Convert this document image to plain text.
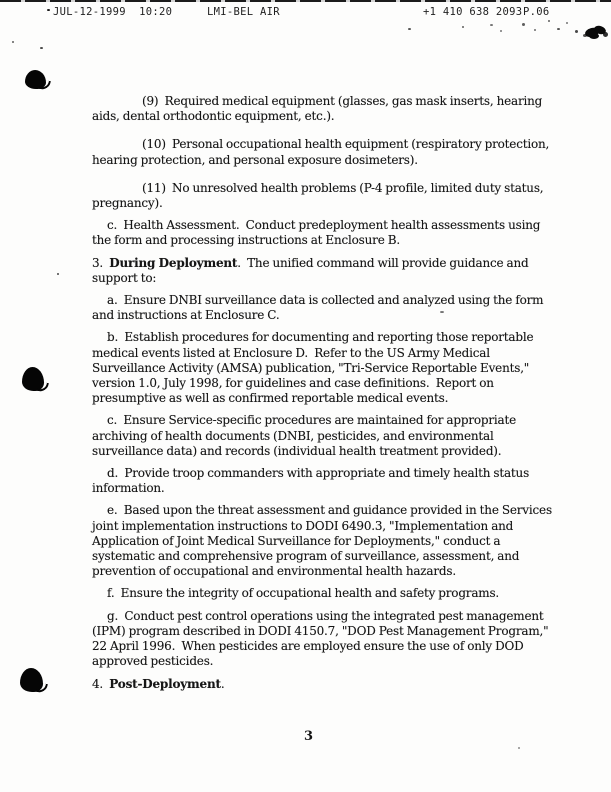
JUL-12-1999  10:20	LMI-BEL AIR	+1 410 638 2093 P.06

(9)  Required medical equipment (glasses, gas mask inserts, hearing aids, dental orthodontic equipment, etc.).

(10)  Personal occupational health equipment (respiratory protection, hearing protection, and personal exposure dosimeters).

(11)  No unresolved health problems (P-4 profile, limited duty status, pregnancy).

c.  Health Assessment.  Conduct predeployment health assessments using the form and processing instructions at Enclosure B.

3.  During Deployment.  The unified command will provide guidance and support to:

a.  Ensure DNBI surveillance data is collected and analyzed using the form and instructions at Enclosure C.

b.  Establish procedures for documenting and reporting those reportable medical events listed at Enclosure D.  Refer to the US Army Medical Surveillance Activity (AMSA) publication, "Tri-Service Reportable Events," version 1.0, July 1998, for guidelines and case definitions.  Report on presumptive as well as confirmed reportable medical events.

c.  Ensure Service-specific procedures are maintained for appropriate archiving of health documents (DNBI, pesticides, and environmental surveillance data) and records (individual health treatment provided).

d.  Provide troop commanders with appropriate and timely health status information.

e.  Based upon the threat assessment and guidance provided in the Services joint implementation instructions to DODI 6490.3, "Implementation and Application of Joint Medical Surveillance for Deployments," conduct a systematic and comprehensive program of surveillance, assessment, and prevention of occupational and environmental health hazards.

f.  Ensure the integrity of occupational health and safety programs.

g.  Conduct pest control operations using the integrated pest management (IPM) program described in DODI 4150.7, "DOD Pest Management Program," 22 April 1996.  When pesticides are employed ensure the use of only DOD approved pesticides.

4.  Post-Deployment.

3
